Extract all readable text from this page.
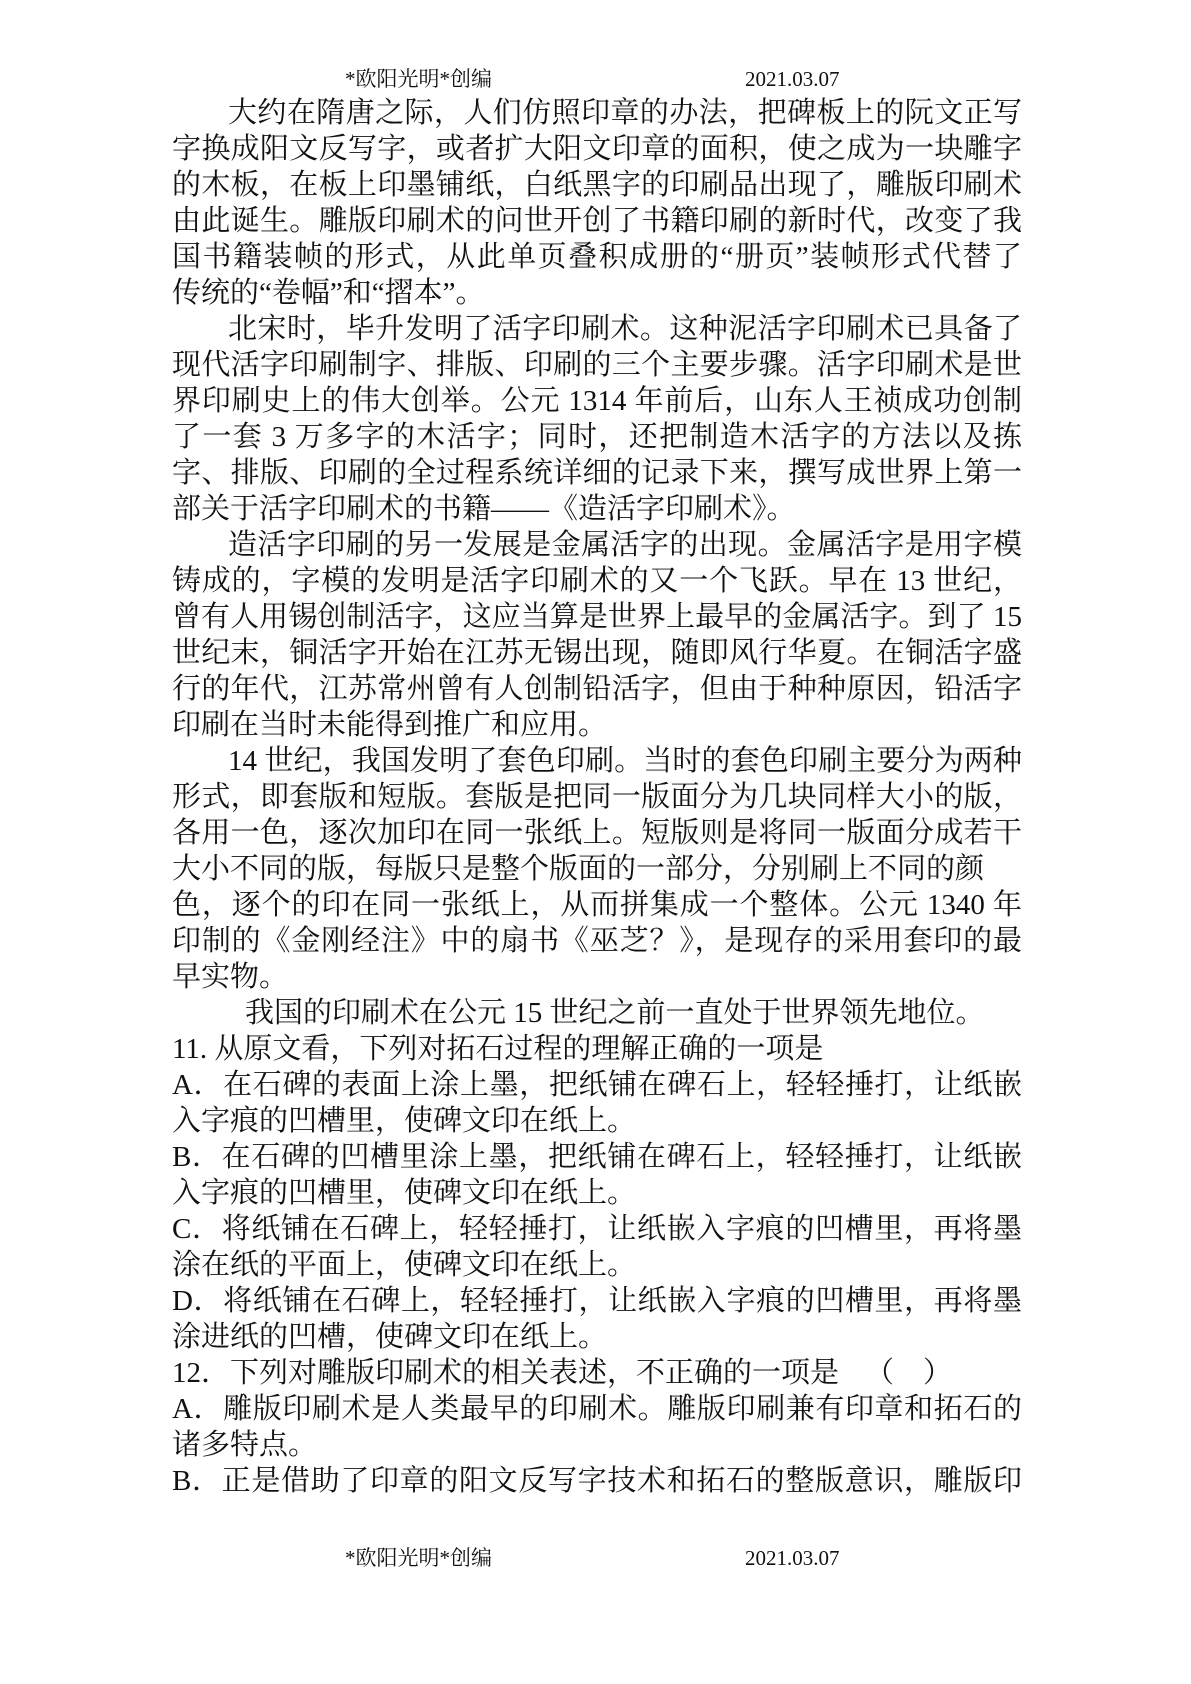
*欧阳光明*创编	2021.03.07
大约在隋唐之际，人们仿照印章的办法，把碑板上的阮文正写
字换成阳文反写字，或者扩大阳文印章的面积，使之成为一块雕字
的木板，在板上印墨铺纸，白纸黑字的印刷品出现了，雕版印刷术
由此诞生。雕版印刷术的问世开创了书籍印刷的新时代，改变了我
国书籍装帧的形式，从此单页叠积成册的“册页”装帧形式代替了
传统的“卷幅”和“摺本”。
北宋时，毕升发明了活字印刷术。这种泥活字印刷术已具备了
现代活字印刷制字、排版、印刷的三个主要步骤。活字印刷术是世
界印刷史上的伟大创举。公元 1314 年前后，山东人王祯成功创制
了一套 3 万多字的木活字；同时，还把制造木活字的方法以及拣
字、排版、印刷的全过程系统详细的记录下来，撰写成世界上第一
部关于活字印刷术的书籍——《造活字印刷术》。
造活字印刷的另一发展是金属活字的出现。金属活字是用字模
铸成的，字模的发明是活字印刷术的又一个飞跃。早在 13 世纪，
曾有人用锡创制活字，这应当算是世界上最早的金属活字。到了 15
世纪末，铜活字开始在江苏无锡出现，随即风行华夏。在铜活字盛
行的年代，江苏常州曾有人创制铅活字，但由于种种原因，铅活字
印刷在当时未能得到推广和应用。
14 世纪，我国发明了套色印刷。当时的套色印刷主要分为两种
形式，即套版和短版。套版是把同一版面分为几块同样大小的版，
各用一色，逐次加印在同一张纸上。短版则是将同一版面分成若干
大小不同的版，每版只是整个版面的一部分，分别刷上不同的颜
色，逐个的印在同一张纸上，从而拼集成一个整体。公元 1340 年
印制的《金刚经注》中的扇书《巫芝？》，是现存的采用套印的最
早实物。
我国的印刷术在公元 15 世纪之前一直处于世界领先地位。
11. 从原文看，下列对拓石过程的理解正确的一项是
A．在石碑的表面上涂上墨，把纸铺在碑石上，轻轻捶打，让纸嵌
入字痕的凹槽里，使碑文印在纸上。
B．在石碑的凹槽里涂上墨，把纸铺在碑石上，轻轻捶打，让纸嵌
入字痕的凹槽里，使碑文印在纸上。
C．将纸铺在石碑上，轻轻捶打，让纸嵌入字痕的凹槽里，再将墨
涂在纸的平面上，使碑文印在纸上。
D．将纸铺在石碑上，轻轻捶打，让纸嵌入字痕的凹槽里，再将墨
涂进纸的凹槽，使碑文印在纸上。
12．下列对雕版印刷术的相关表述，不正确的一项是 （    ）
A．雕版印刷术是人类最早的印刷术。雕版印刷兼有印章和拓石的
诸多特点。
B．正是借助了印章的阳文反写字技术和拓石的整版意识，雕版印
*欧阳光明*创编	2021.03.07
